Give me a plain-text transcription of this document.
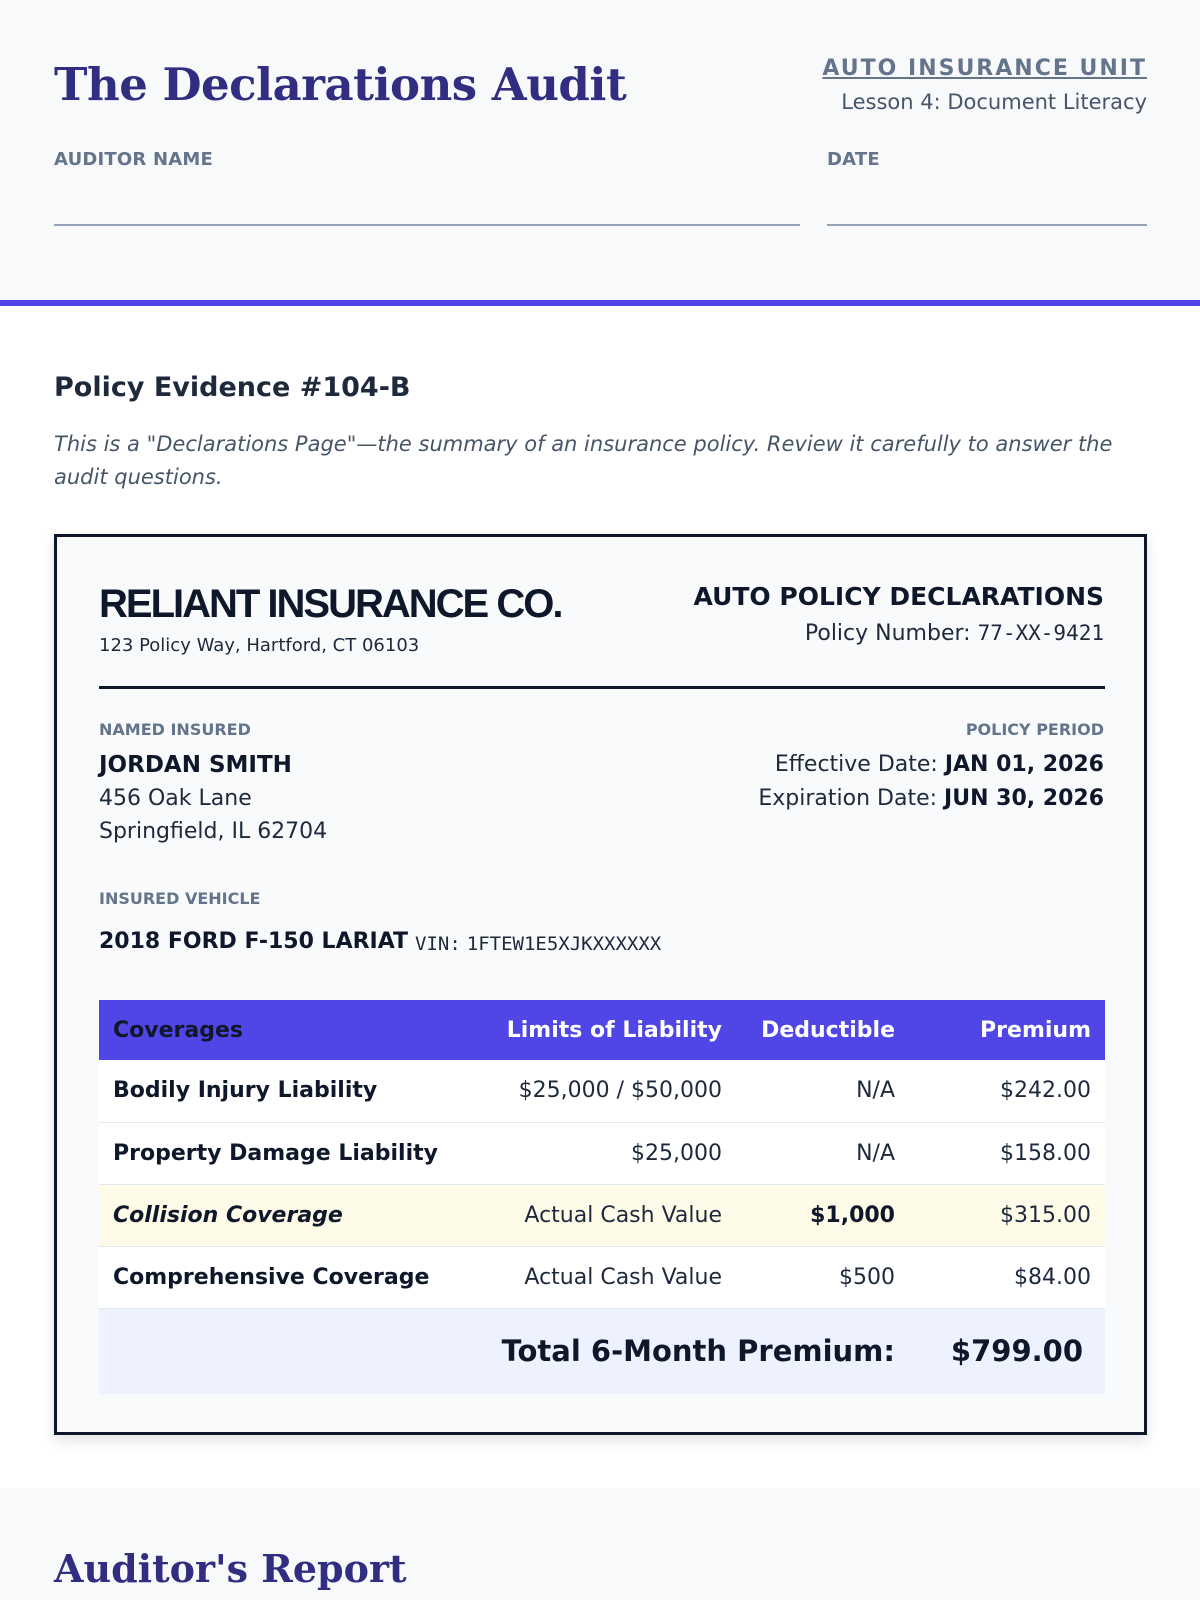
The Declarations Audit	AUTO INSURANCE UNIT
Lesson 4: Document Literacy
AUDITOR NAME	DATE
Policy Evidence #104-B
This is a "Declarations Page"—the summary of an insurance policy. Review it carefully to answer the audit questions.
RELIANT INSURANCE CO.
123 Policy Way, Hartford, CT 06103
AUTO POLICY DECLARATIONS
Policy Number: 77-XX-9421
NAMED INSURED
JORDAN SMITH
456 Oak Lane
Springfield, IL 62704
POLICY PERIOD
Effective Date: JAN 01, 2026
Expiration Date: JUN 30, 2026
INSURED VEHICLE
2018 FORD F-150 LARIAT VIN: 1FTEW1E5XJKXXXXXX
Coverages	Limits of Liability	Deductible	Premium
Bodily Injury Liability	$25,000 / $50,000	N/A	$242.00
Property Damage Liability	$25,000	N/A	$158.00
Collision Coverage	Actual Cash Value	$1,000	$315.00
Comprehensive Coverage	Actual Cash Value	$500	$84.00
Total 6-Month Premium:			$799.00
Auditor's Report
